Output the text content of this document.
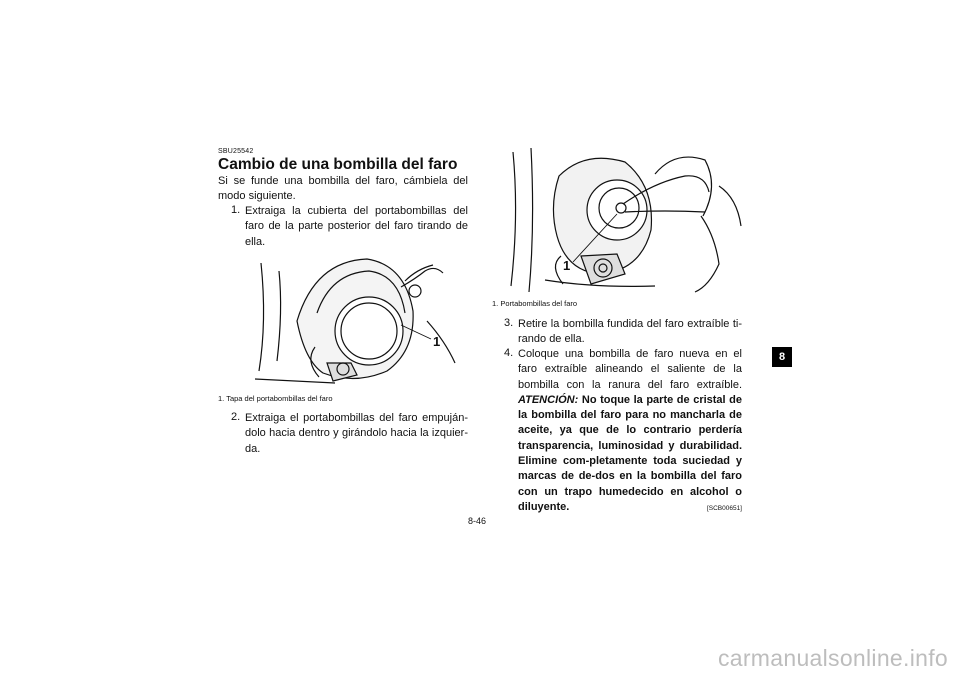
SBU25542
Cambio de una bombilla del faro

Si se funde una bombilla del faro, cámbiela del modo siguiente.

1. Extraiga la cubierta del portabombillas del faro de la parte posterior del faro tirando de ella.

1
1. Tapa del portabombillas del faro
2. Extraiga el portabombillas del faro empuján-dolo hacia dentro y girándolo hacia la izquier-da.

1
1. Portabombillas del faro
3. Retire la bombilla fundida del faro extraíble ti-rando de ella.

4. Coloque una bombilla de faro nueva en el faro extraíble alineando el saliente de la bombilla con la ranura del faro extraíble. ATENCIÓN: No toque la parte de cristal de la bombilla del faro para no mancharla de aceite, ya que de lo contrario perdería transparencia, luminosidad y durabilidad. Elimine com-pletamente toda suciedad y marcas de de-dos en la bombilla del faro con un trapo humedecido en alcohol o diluyente.	[SCB00651]

8
8-46
carmanualsonline.info
